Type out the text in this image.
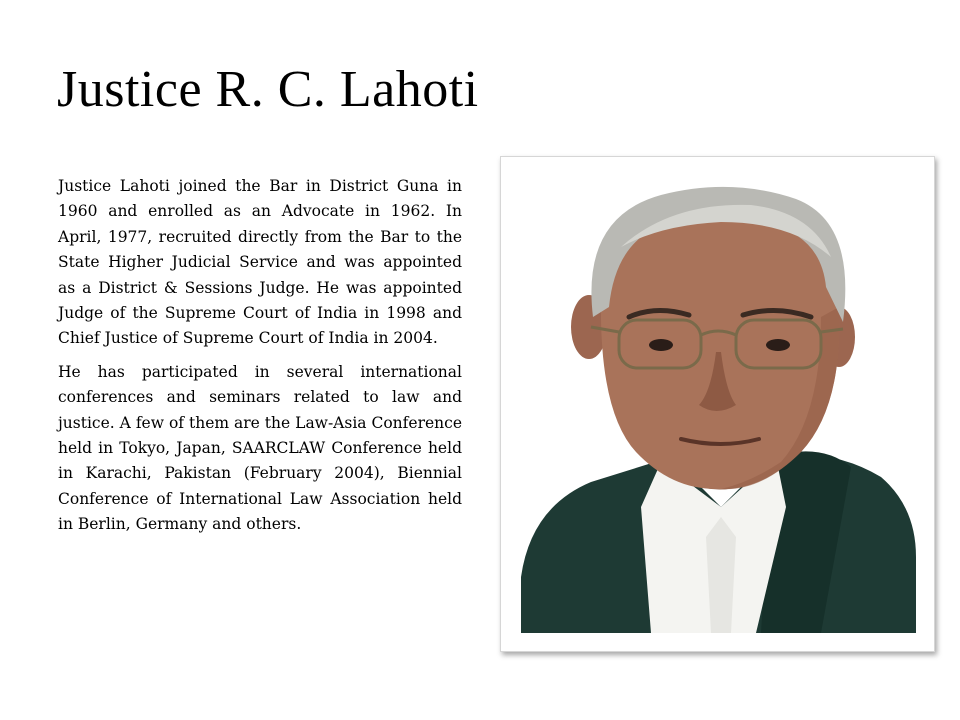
Justice R. C. Lahoti

Justice Lahoti joined the Bar in District Guna in 1960 and enrolled as an Advocate in 1962. In April, 1977, recruited directly from the Bar to the State Higher Judicial Service and was appointed as a District & Sessions Judge. He was appointed Judge of the Supreme Court of India in 1998 and Chief Justice of Supreme Court of India in 2004.

He has participated in several international conferences and seminars related to law and justice. A few of them are the Law-Asia Conference held in Tokyo, Japan, SAARCLAW Conference held in Karachi, Pakistan (February 2004), Biennial Conference of International Law Association held in Berlin, Germany and others.
